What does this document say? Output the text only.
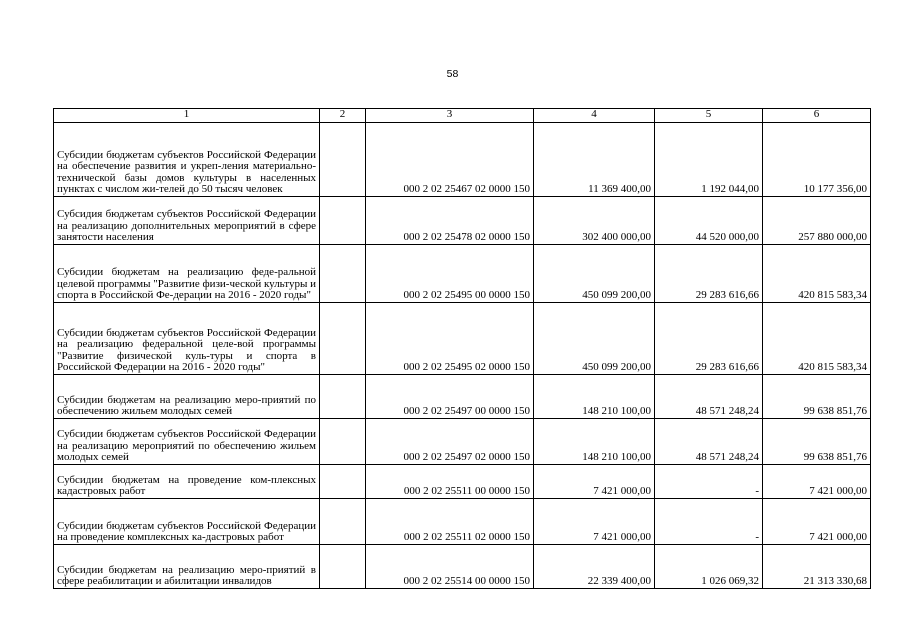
58
1	2	3	4	5	6
Субсидии бюджетам субъектов Российской Федерации на обеспечение развития и укреп-ления материально-технической базы домов культуры в населенных пунктах с числом жи-телей до 50 тысяч человек		000 2 02 25467 02 0000 150	11 369 400,00	1 192 044,00	10 177 356,00
Субсидия бюджетам субъектов Российской Федерации на реализацию дополнительных мероприятий в сфере занятости населения		000 2 02 25478 02 0000 150	302 400 000,00	44 520 000,00	257 880 000,00
Субсидии бюджетам на реализацию феде-ральной целевой программы "Развитие физи-ческой культуры и спорта в Российской Фе-дерации на 2016 - 2020 годы"		000 2 02 25495 00 0000 150	450 099 200,00	29 283 616,66	420 815 583,34
Субсидии бюджетам субъектов Российской Федерации на реализацию федеральной целе-вой программы "Развитие физической куль-туры и спорта в Российской Федерации на 2016 - 2020 годы"		000 2 02 25495 02 0000 150	450 099 200,00	29 283 616,66	420 815 583,34
Субсидии бюджетам на реализацию меро-приятий по обеспечению жильем молодых семей		000 2 02 25497 00 0000 150	148 210 100,00	48 571 248,24	99 638 851,76
Субсидии бюджетам субъектов Российской Федерации на реализацию мероприятий по обеспечению жильем молодых семей		000 2 02 25497 02 0000 150	148 210 100,00	48 571 248,24	99 638 851,76
Субсидии бюджетам на проведение ком-плексных кадастровых работ		000 2 02 25511 00 0000 150	7 421 000,00	-	7 421 000,00
Субсидии бюджетам субъектов Российской Федерации на проведение комплексных ка-дастровых работ		000 2 02 25511 02 0000 150	7 421 000,00	-	7 421 000,00
Субсидии бюджетам на реализацию меро-приятий в сфере реабилитации и абилитации инвалидов		000 2 02 25514 00 0000 150	22 339 400,00	1 026 069,32	21 313 330,68
